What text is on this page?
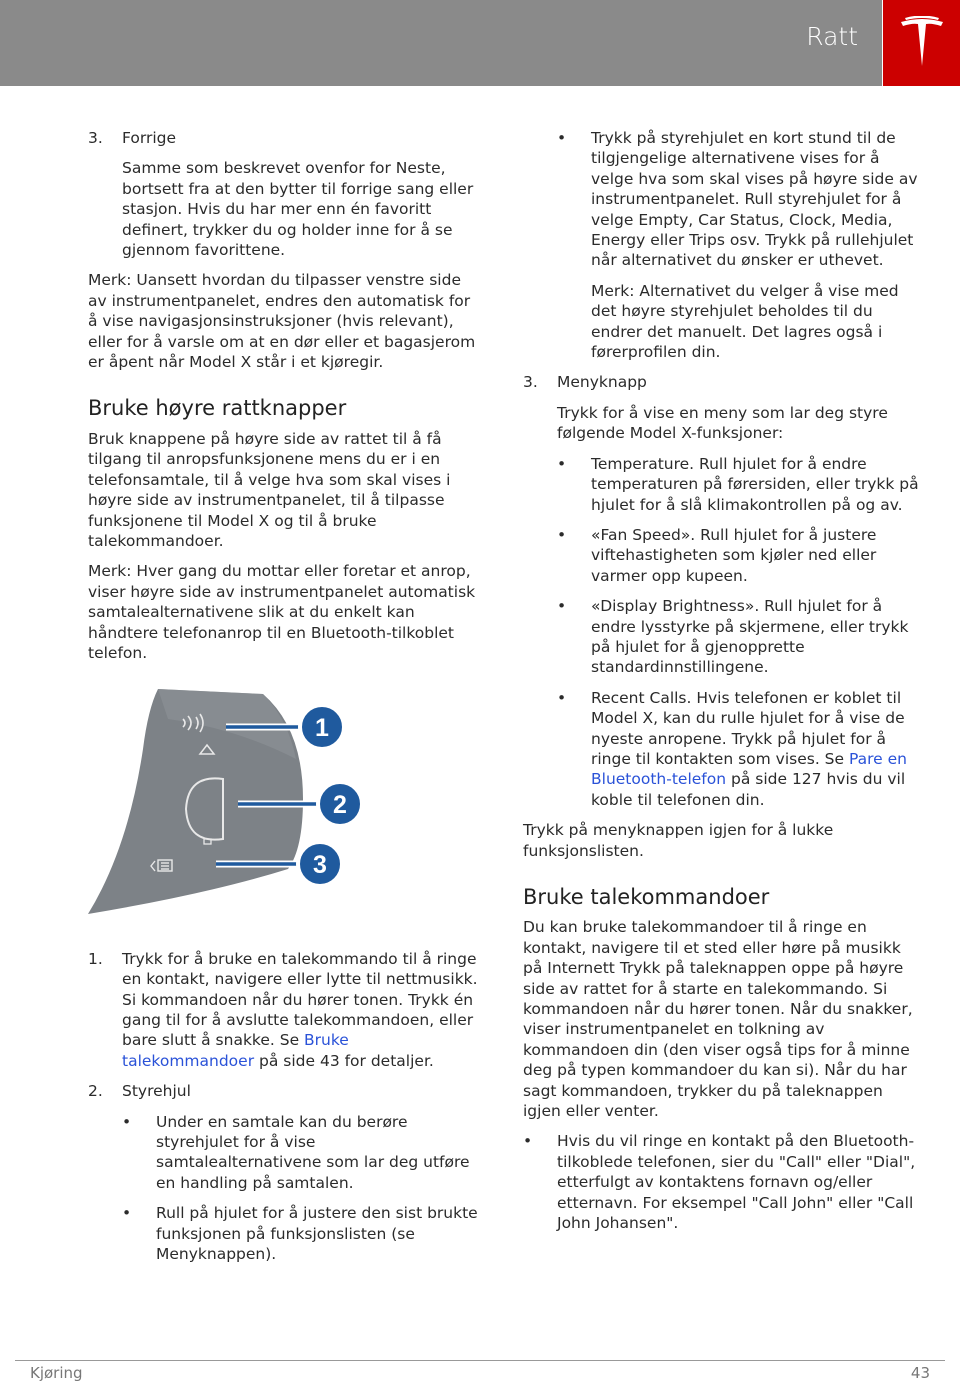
Ratt
3.	Forrige

Samme som beskrevet ovenfor for Neste, bortsett fra at den bytter til forrige sang eller stasjon. Hvis du har mer enn én favoritt definert, trykker du og holder inne for å se gjennom favorittene.

Merk: Uansett hvordan du tilpasser venstre side av instrumentpanelet, endres den automatisk for å vise navigasjonsinstruksjoner (hvis relevant), eller for å varsle om at en dør eller et bagasjerom er åpent når Model X står i et kjøregir.

Bruke høyre rattknapper

Bruk knappene på høyre side av rattet til å få tilgang til anropsfunksjonene mens du er i en telefonsamtale, til å velge hva som skal vises i høyre side av instrumentpanelet, til å tilpasse funksjonene til Model X og til å bruke talekommandoer.

Merk: Hver gang du mottar eller foretar et anrop, viser høyre side av instrumentpanelet automatisk samtalealternativene slik at du enkelt kan håndtere telefonanrop til en Bluetooth-tilkoblet telefon.

1
2
3
1.	Trykk for å bruke en talekommando til å ringe en kontakt, navigere eller lytte til nettmusikk. Si kommandoen når du hører tonen. Trykk én gang til for å avslutte talekommandoen, eller bare slutt å snakke. Se Bruke talekommandoer på side 43 for detaljer.
2.	Styrehjul
•	Under en samtale kan du berøre styrehjulet for å vise samtalealternativene som lar deg utføre en handling på samtalen.
•	Rull på hjulet for å justere den sist brukte funksjonen på funksjonslisten (se Menyknappen).
•	Trykk på styrehjulet en kort stund til de tilgjengelige alternativene vises for å velge hva som skal vises på høyre side av instrumentpanelet. Rull styrehjulet for å velge Empty, Car Status, Clock, Media, Energy eller Trips osv. Trykk på rullehjulet når alternativet du ønsker er uthevet.

Merk: Alternativet du velger å vise med det høyre styrehjulet beholdes til du endrer det manuelt. Det lagres også i førerprofilen din.

3.	Menyknapp

Trykk for å vise en meny som lar deg styre følgende Model X-funksjoner:

•	Temperature. Rull hjulet for å endre temperaturen på førersiden, eller trykk på hjulet for å slå klimakontrollen på og av.
•	«Fan Speed». Rull hjulet for å justere viftehastigheten som kjøler ned eller varmer opp kupeen.
•	«Display Brightness». Rull hjulet for å endre lysstyrke på skjermene, eller trykk på hjulet for å gjenopprette standardinnstillingene.
•	Recent Calls. Hvis telefonen er koblet til Model X, kan du rulle hjulet for å vise de nyeste anropene. Trykk på hjulet for å ringe til kontakten som vises. Se Pare en Bluetooth-telefon på side 127 hvis du vil koble til telefonen din.

Trykk på menyknappen igjen for å lukke funksjonslisten.

Bruke talekommandoer

Du kan bruke talekommandoer til å ringe en kontakt, navigere til et sted eller høre på musikk på Internett Trykk på taleknappen oppe på høyre side av rattet for å starte en talekommando. Si kommandoen når du hører tonen. Når du snakker, viser instrumentpanelet en tolkning av kommandoen din (den viser også tips for å minne deg på typen kommandoer du kan si). Når du har sagt kommandoen, trykker du på taleknappen igjen eller venter.

•	Hvis du vil ringe en kontakt på den Bluetooth-tilkoblede telefonen, sier du "Call" eller "Dial", etterfulgt av kontaktens fornavn og/eller etternavn. For eksempel "Call John" eller "Call John Johansen".
Kjøring	43
